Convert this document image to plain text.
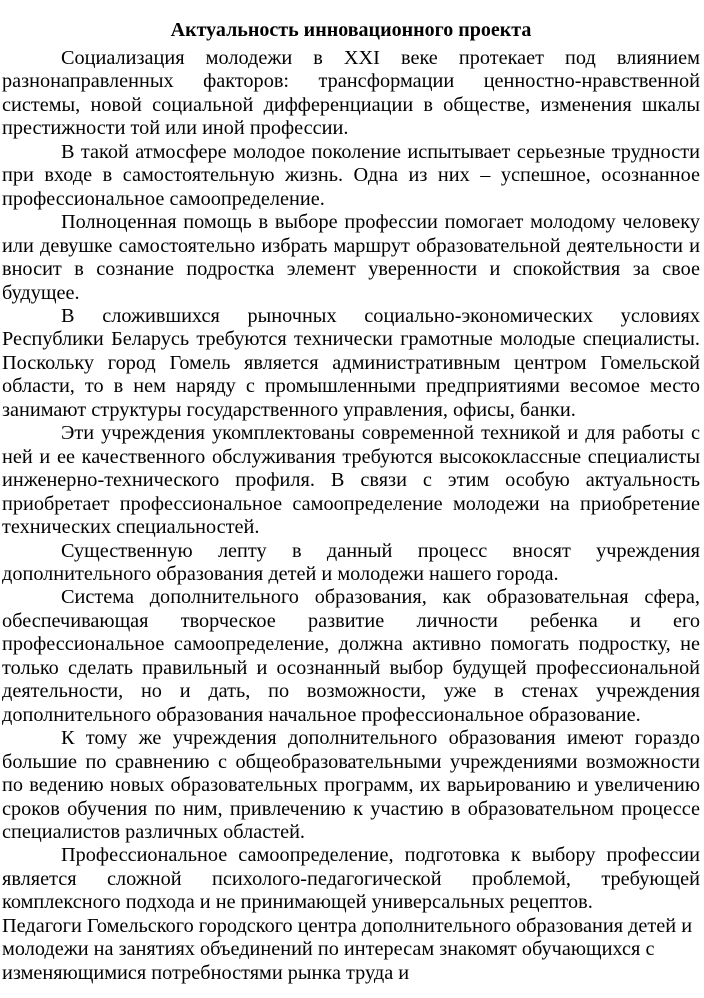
Актуальность инновационного проекта

Социализация молодежи в XXI веке протекает под влиянием разнонаправленных факторов: трансформации ценностно-нравственной системы, новой социальной дифференциации в обществе, изменения шкалы престижности той или иной профессии.

В такой атмосфере молодое поколение испытывает серьезные трудности при входе в самостоятельную жизнь. Одна из них – успешное, осознанное профессиональное самоопределение.

Полноценная помощь в выборе профессии помогает молодому человеку или девушке самостоятельно избрать маршрут образовательной деятельности и вносит в сознание подростка элемент уверенности и спокойствия за свое будущее.

В сложившихся рыночных социально-экономических условиях Республики Беларусь требуются технически грамотные молодые специалисты. Поскольку город Гомель является административным центром Гомельской области, то в нем наряду с промышленными предприятиями весомое место занимают структуры государственного управления, офисы, банки.

Эти учреждения укомплектованы современной техникой и для работы с ней и ее качественного обслуживания требуются высококлассные специалисты инженерно-технического профиля. В связи с этим особую актуальность приобретает профессиональное самоопределение молодежи на приобретение технических специальностей.

Существенную лепту в данный процесс вносят учреждения дополнительного образования детей и молодежи нашего города.

Система дополнительного образования, как образовательная сфера, обеспечивающая творческое развитие личности ребенка и его профессиональное самоопределение, должна активно помогать подростку, не только сделать правильный и осознанный выбор будущей профессиональной деятельности, но и дать, по возможности, уже в стенах учреждения дополнительного образования начальное профессиональное образование.

К тому же учреждения дополнительного образования имеют гораздо большие по сравнению с общеобразовательными учреждениями возможности по ведению новых образовательных программ, их варьированию и увеличению сроков обучения по ним, привлечению к участию в образовательном процессе специалистов различных областей.

Профессиональное самоопределение, подготовка к выбору профессии является сложной психолого-педагогической проблемой, требующей комплексного подхода и не принимающей универсальных рецептов.

Педагоги Гомельского городского центра дополнительного образования детей и молодежи на занятиях объединений по интересам знакомят обучающихся с изменяющимися потребностями рынка труда и
